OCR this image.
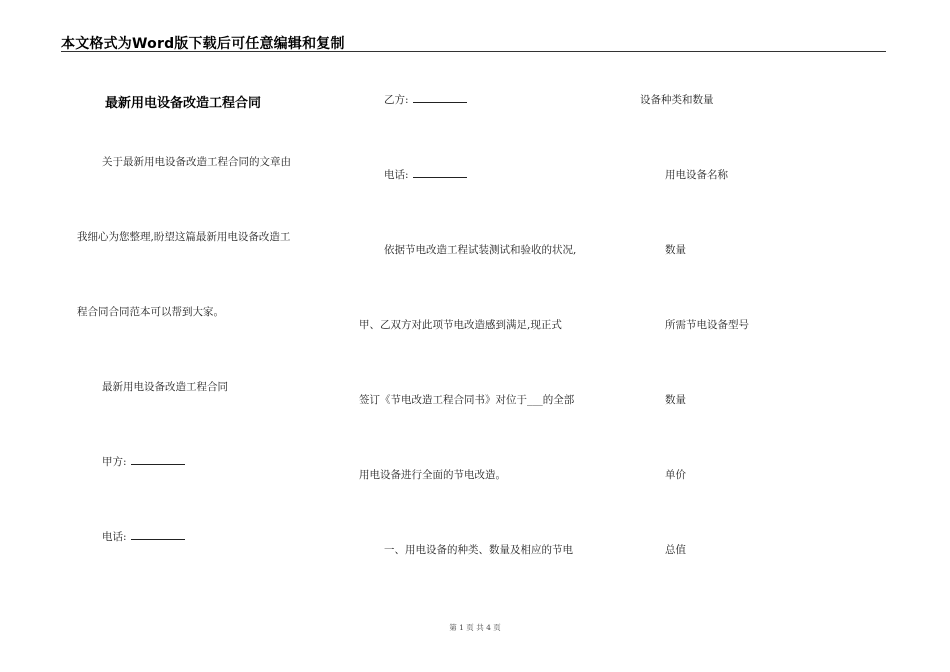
本文格式为Word版下载后可任意编辑和复制
最新用电设备改造工程合同
关于最新用电设备改造工程合同的文章由
我细心为您整理,盼望这篇最新用电设备改造工
程合同合同范本可以帮到大家。
最新用电设备改造工程合同
甲方:
电话:
乙方:
电话:
依据节电改造工程试装测试和验收的状况,
甲、乙双方对此项节电改造感到满足,现正式
签订《节电改造工程合同书》对位于___的全部
用电设备进行全面的节电改造。
一、用电设备的种类、数量及相应的节电
设备种类和数量
用电设备名称
数量
所需节电设备型号
数量
单价
总值
第 1 页 共 4 页
